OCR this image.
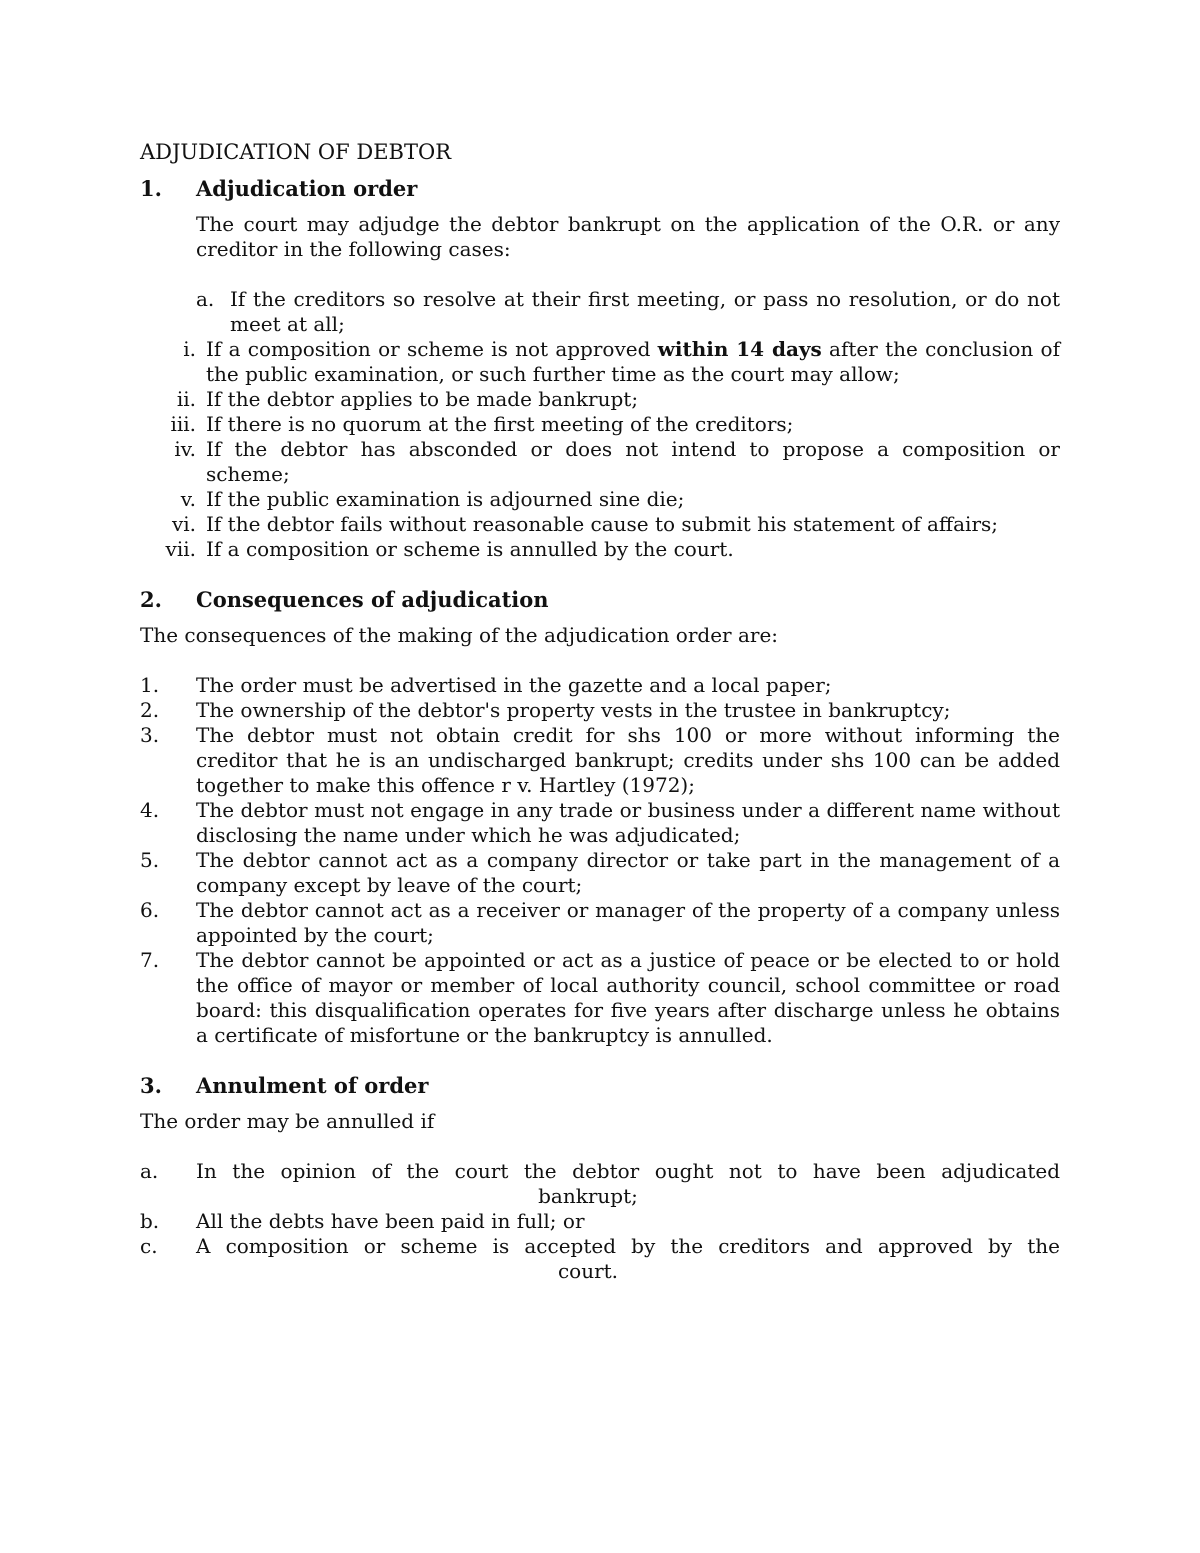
ADJUDICATION OF DEBTOR
1.	Adjudication order

The court may adjudge the debtor bankrupt on the application of the O.R. or any creditor in the following cases:

a. If the creditors so resolve at their first meeting, or pass no resolution, or do not meet at all;
i. If a composition or scheme is not approved within 14 days after the conclusion of the public examination, or such further time as the court may allow;
ii. If the debtor applies to be made bankrupt;
iii. If there is no quorum at the first meeting of the creditors;
iv. If the debtor has absconded or does not intend to propose a composition or scheme;
v. If the public examination is adjourned sine die;
vi. If the debtor fails without reasonable cause to submit his statement of affairs;
vii. If a composition or scheme is annulled by the court.
2.	Consequences of adjudication

The consequences of the making of the adjudication order are:

1.	The order must be advertised in the gazette and a local paper;
2.	The ownership of the debtor's property vests in the trustee in bankruptcy;
3.	The debtor must not obtain credit for shs 100 or more without informing the creditor that he is an undischarged bankrupt; credits under shs 100 can be added together to make this offence r v. Hartley (1972);
4.	The debtor must not engage in any trade or business under a different name without disclosing the name under which he was adjudicated;
5.	The debtor cannot act as a company director or take part in the management of a company except by leave of the court;
6.	The debtor cannot act as a receiver or manager of the property of a company unless appointed by the court;
7.	The debtor cannot be appointed or act as a justice of peace or be elected to or hold the office of mayor or member of local authority council, school committee or road board: this disqualification operates for five years after discharge unless he obtains a certificate of misfortune or the bankruptcy is annulled.
3.	Annulment of order

The order may be annulled if

a.	In the opinion of the court the debtor ought not to have been adjudicated
bankrupt;
b.	All the debts have been paid in full; or
c.	A composition or scheme is accepted by the creditors and approved by the
court.
